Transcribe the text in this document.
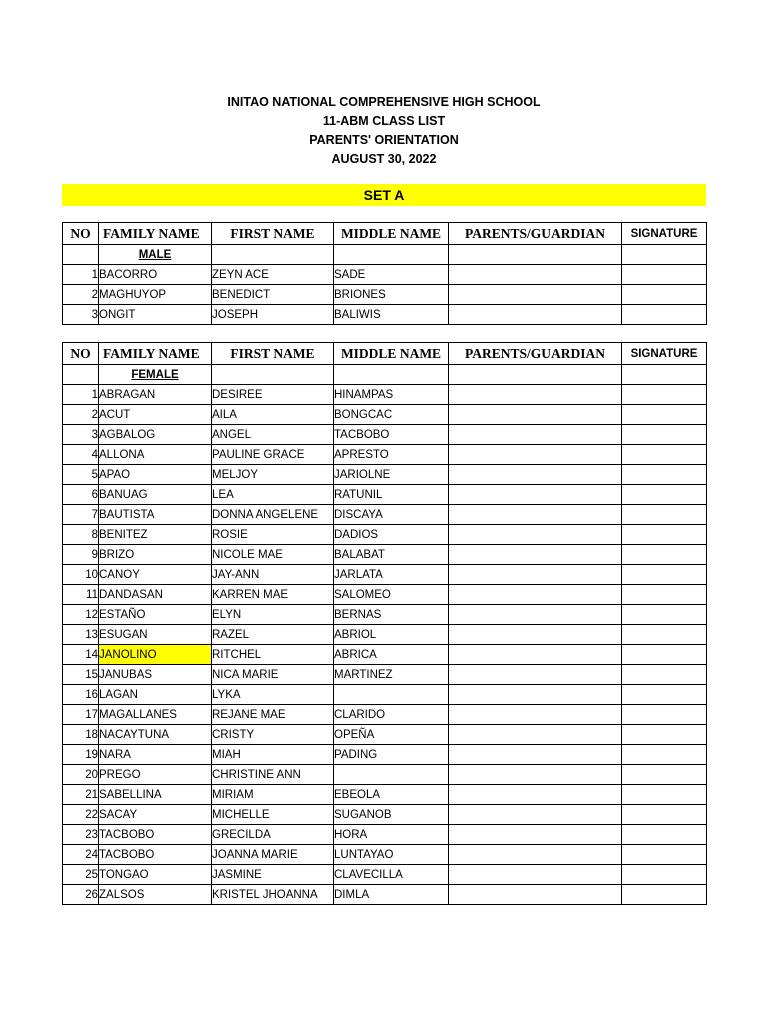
INITAO NATIONAL COMPREHENSIVE HIGH SCHOOL
11-ABM CLASS LIST
PARENTS' ORIENTATION
AUGUST 30, 2022
SET A
NO	FAMILY NAME	FIRST NAME	MIDDLE NAME	PARENTS/GUARDIAN	SIGNATURE
	MALE				
1	BACORRO	ZEYN ACE	SADE		
2	MAGHUYOP	BENEDICT	BRIONES		
3	ONGIT	JOSEPH	BALIWIS		
NO	FAMILY NAME	FIRST NAME	MIDDLE NAME	PARENTS/GUARDIAN	SIGNATURE
	FEMALE				
1	ABRAGAN	DESIREE	HINAMPAS		
2	ACUT	AILA	BONGCAC		
3	AGBALOG	ANGEL	TACBOBO		
4	ALLONA	PAULINE GRACE	APRESTO		
5	APAO	MELJOY	JARIOLNE		
6	BANUAG	LEA	RATUNIL		
7	BAUTISTA	DONNA ANGELENE	DISCAYA		
8	BENITEZ	ROSIE	DADIOS		
9	BRIZO	NICOLE MAE	BALABAT		
10	CANOY	JAY-ANN	JARLATA		
11	DANDASAN	KARREN MAE	SALOMEO		
12	ESTAÑO	ELYN	BERNAS		
13	ESUGAN	RAZEL	ABRIOL		
14	JANOLINO	RITCHEL	ABRICA		
15	JANUBAS	NICA MARIE	MARTINEZ		
16	LAGAN	LYKA			
17	MAGALLANES	REJANE MAE	CLARIDO		
18	NACAYTUNA	CRISTY	OPEÑA		
19	NARA	MIAH	PADING		
20	PREGO	CHRISTINE ANN			
21	SABELLINA	MIRIAM	EBEOLA		
22	SACAY	MICHELLE	SUGANOB		
23	TACBOBO	GRECILDA	HORA		
24	TACBOBO	JOANNA MARIE	LUNTAYAO		
25	TONGAO	JASMINE	CLAVECILLA		
26	ZALSOS	KRISTEL JHOANNA	DIMLA		
